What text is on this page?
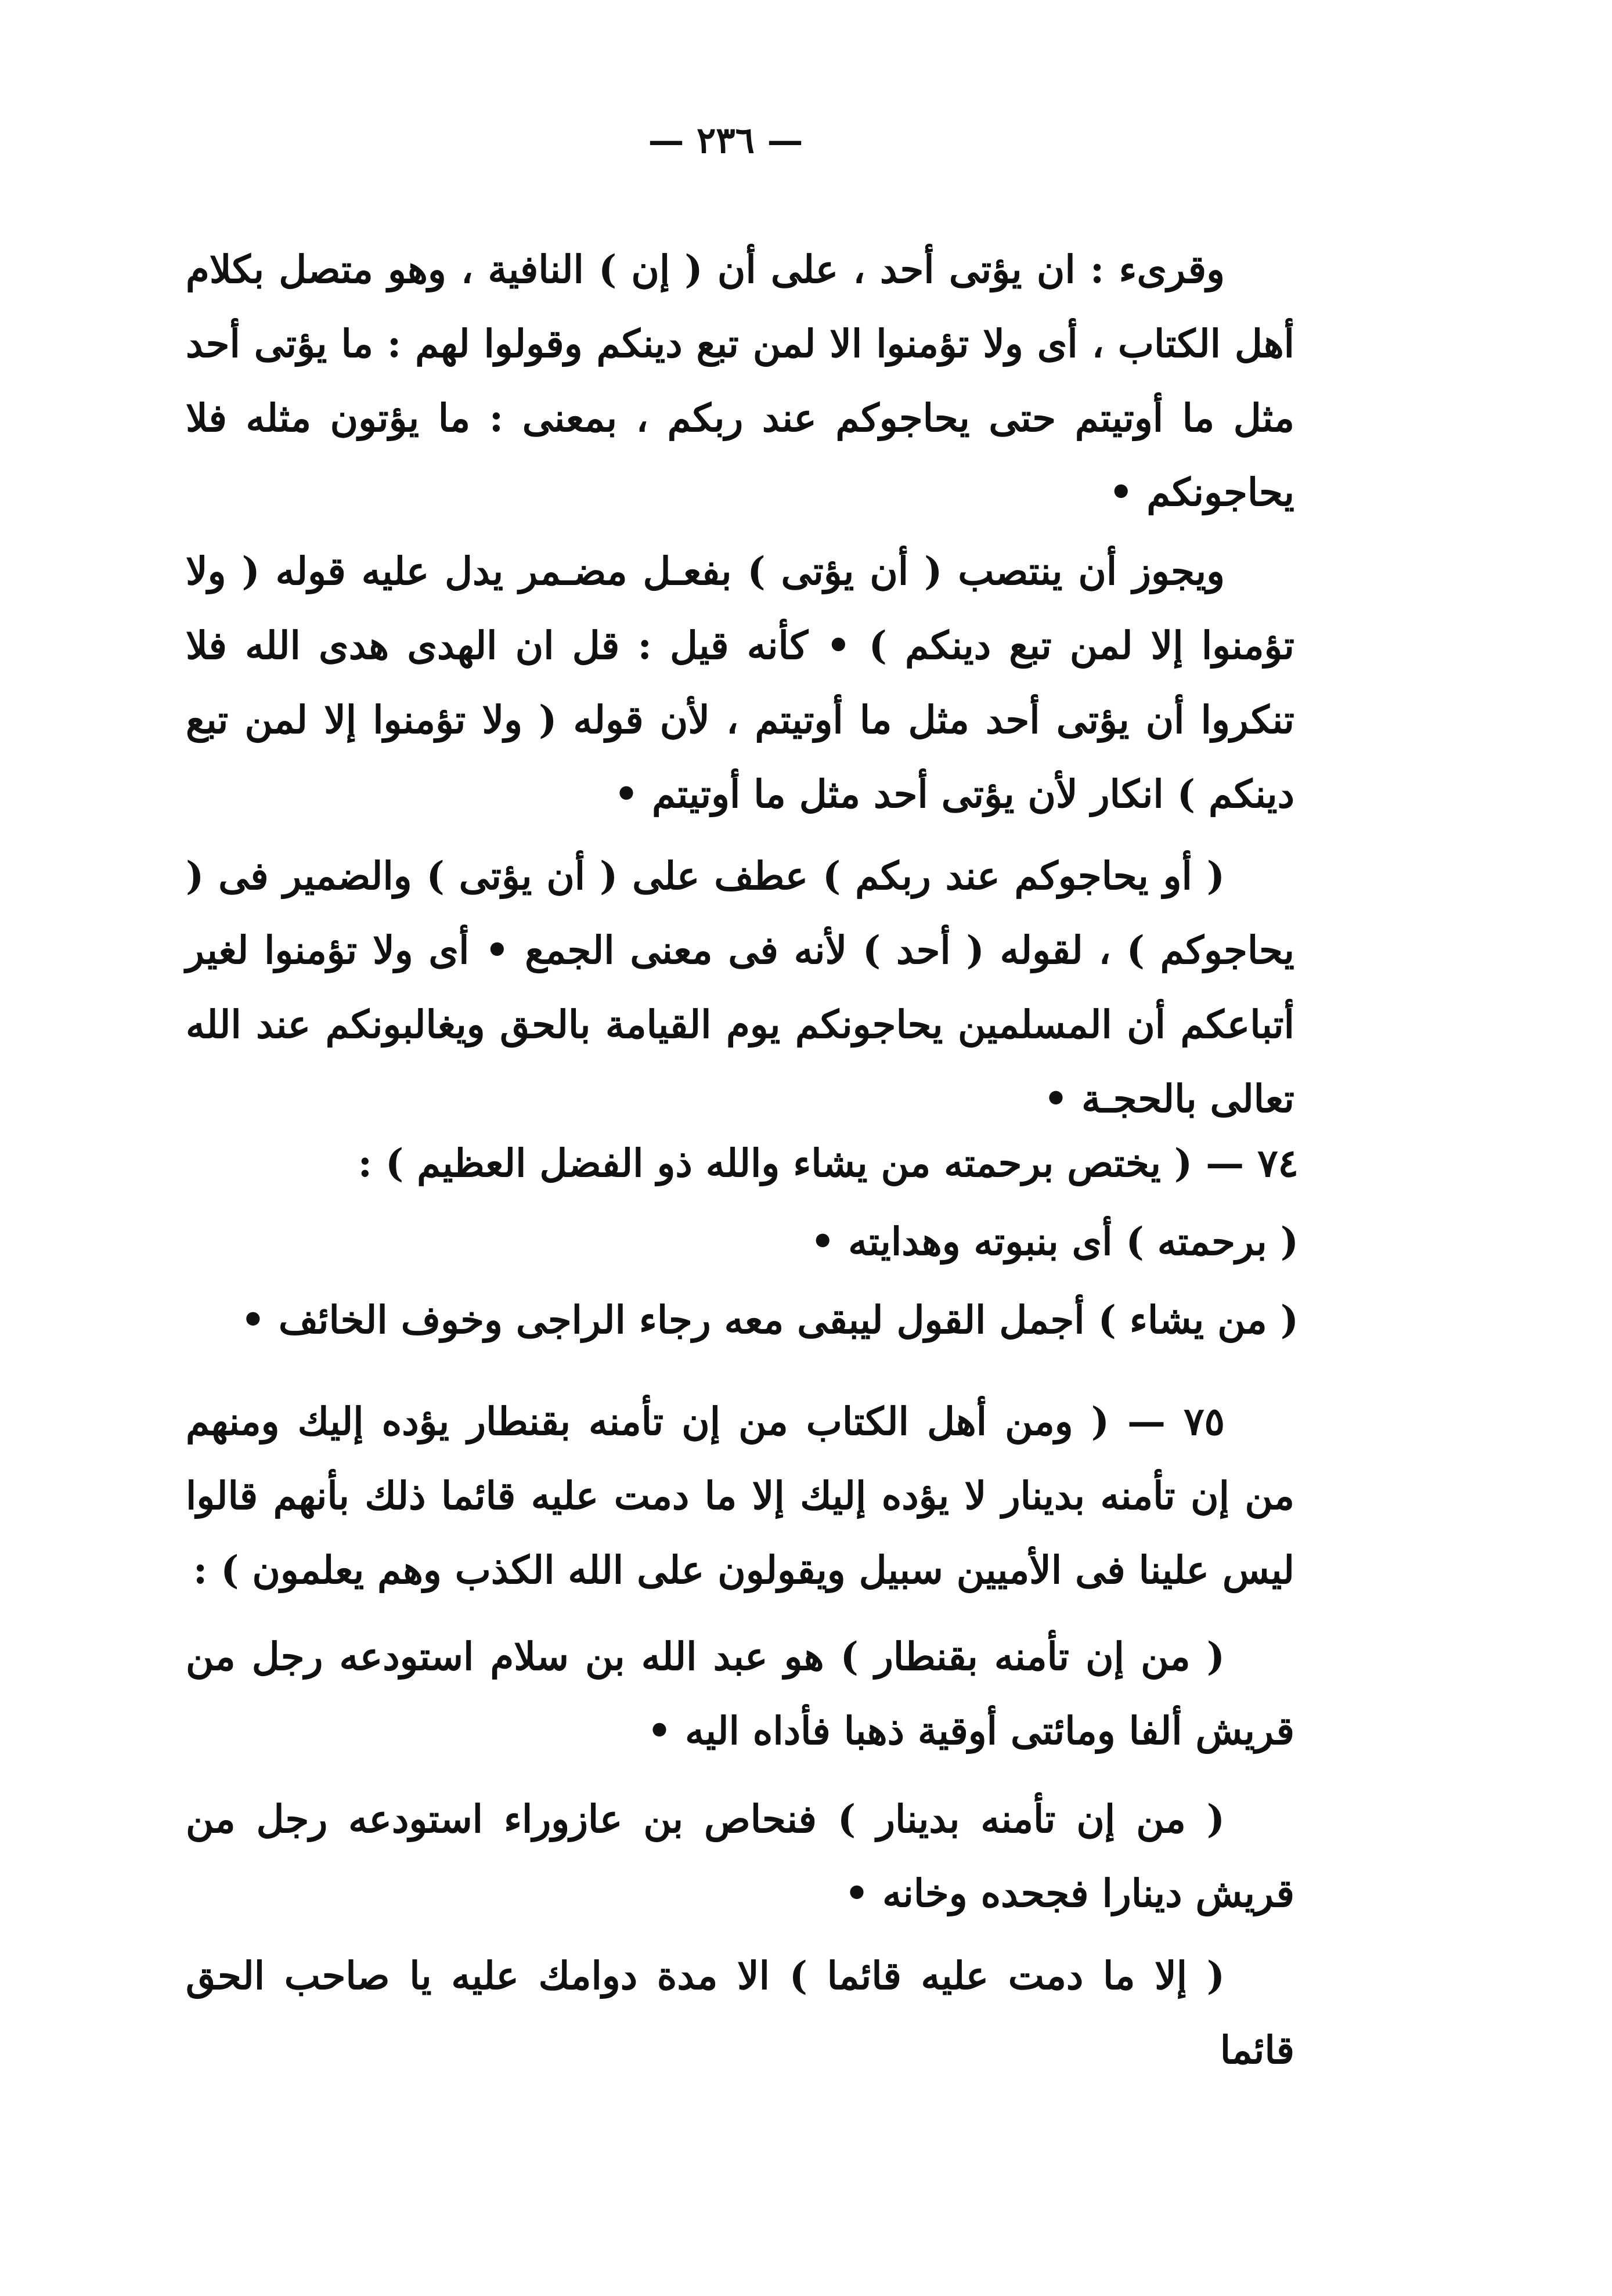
— ٢٣٦ —
وقرىء : ان يؤتى أحد ، على أن ( إن ) النافية ، وهو متصل بكلام أهل الكتاب ، أى ولا تؤمنوا الا لمن تبع دينكم وقولوا لهم : ما يؤتى أحد مثل ما أوتيتم حتى يحاجوكم عند ربكم ، بمعنى : ما يؤتون مثله فلا يحاجونكم •
ويجوز أن ينتصب ( أن يؤتى ) بفعـل مضـمر يدل عليه قوله ( ولا تؤمنوا إلا لمن تبع دينكم ) • كأنه قيل : قل ان الهدى هدى الله فلا تنكروا أن يؤتى أحد مثل ما أوتيتم ، لأن قوله ( ولا تؤمنوا إلا لمن تبع دينكم ) انكار لأن يؤتى أحد مثل ما أوتيتم •
( أو يحاجوكم عند ربكم ) عطف على ( أن يؤتى ) والضمير فى ( يحاجوكم ) ، لقوله ( أحد ) لأنه فى معنى الجمع • أى ولا تؤمنوا لغير أتباعكم أن المسلمين يحاجونكم يوم القيامة بالحق ويغالبونكم عند الله تعالى بالحجـة •
٧٤ — ( يختص برحمته من يشاء والله ذو الفضل العظيم ) :
( برحمته ) أى بنبوته وهدايته •
( من يشاء ) أجمل القول ليبقى معه رجاء الراجى وخوف الخائف •
٧٥ — ( ومن أهل الكتاب من إن تأمنه بقنطار يؤده إليك ومنهم من إن تأمنه بدينار لا يؤده إليك إلا ما دمت عليه قائما ذلك بأنهم قالوا ليس علينا فى الأميين سبيل ويقولون على الله الكذب وهم يعلمون ) :
( من إن تأمنه بقنطار ) هو عبد الله بن سلام استودعه رجل من قريش ألفا ومائتى أوقية ذهبا فأداه اليه •
( من إن تأمنه بدينار ) فنحاص بن عازوراء استودعه رجل من قريش دينارا فجحده وخانه •
( إلا ما دمت عليه قائما ) الا مدة دوامك عليه يا صاحب الحق قائما
